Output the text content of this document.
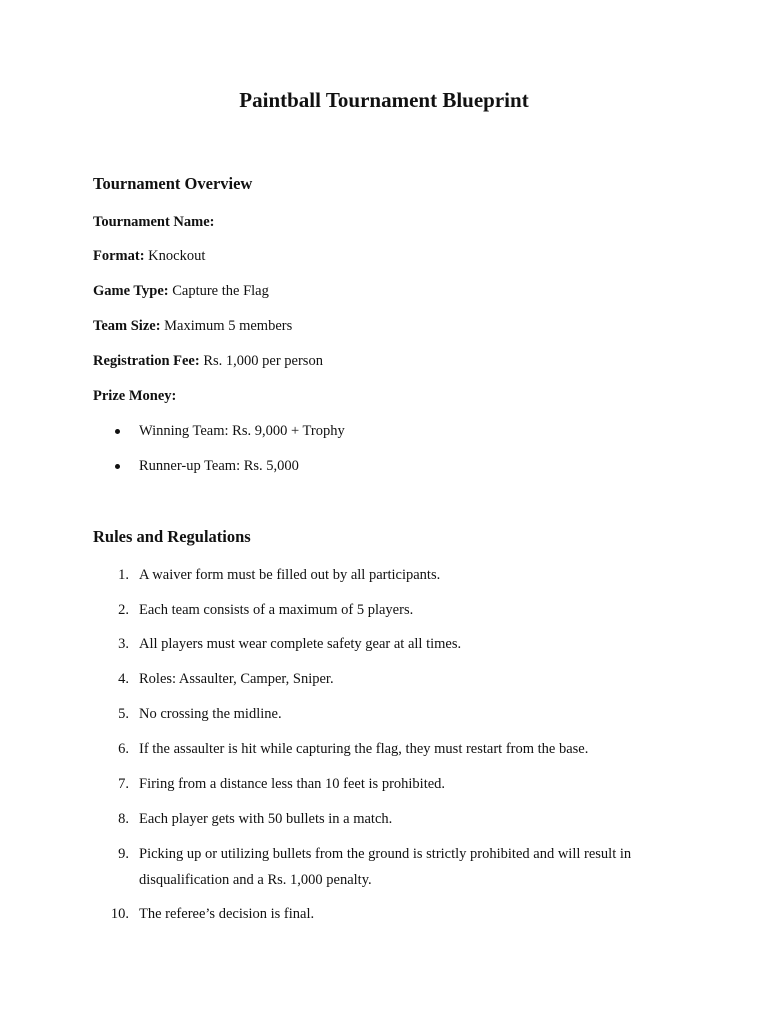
Paintball Tournament Blueprint
Tournament Overview

Tournament Name:

Format: Knockout

Game Type: Capture the Flag

Team Size: Maximum 5 members

Registration Fee: Rs. 1,000 per person

Prize Money:

Winning Team: Rs. 9,000 + Trophy
Runner-up Team: Rs. 5,000
Rules and Regulations
1. A waiver form must be filled out by all participants.
2. Each team consists of a maximum of 5 players.
3. All players must wear complete safety gear at all times.
4. Roles: Assaulter, Camper, Sniper.
5. No crossing the midline.
6. If the assaulter is hit while capturing the flag, they must restart from the base.
7. Firing from a distance less than 10 feet is prohibited.
8. Each player gets with 50 bullets in a match.
9. Picking up or utilizing bullets from the ground is strictly prohibited and will result in disqualification and a Rs. 1,000 penalty.
10. The referee’s decision is final.
